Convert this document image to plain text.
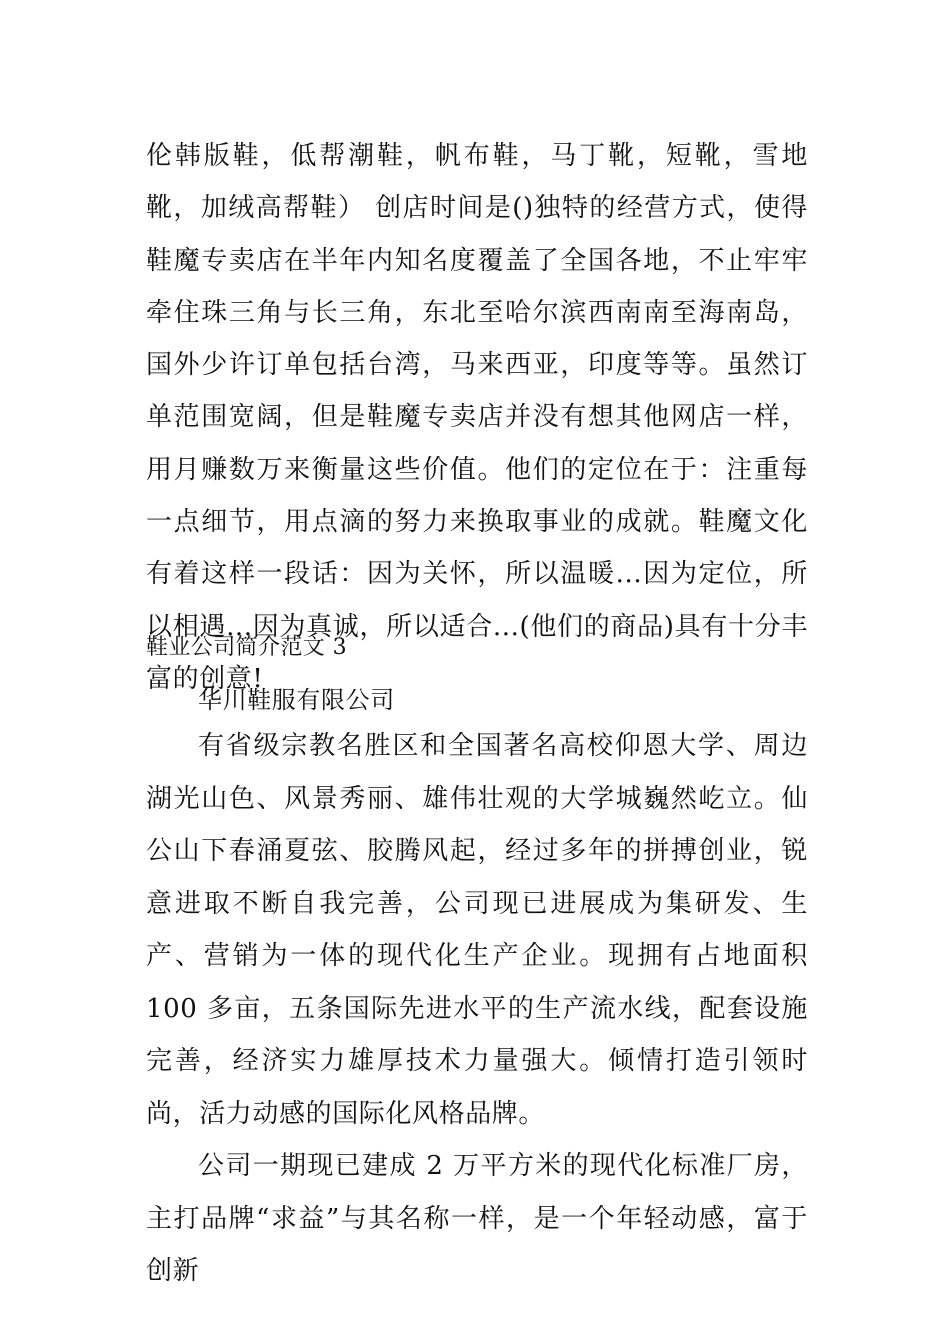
伦韩版鞋，低帮潮鞋，帆布鞋，马丁靴，短靴，雪地靴，加绒高帮鞋） 创店时间是()独特的经营方式，使得鞋魔专卖店在半年内知名度覆盖了全国各地，不止牢牢牵住珠三角与长三角，东北至哈尔滨西南南至海南岛，国外少许订单包括台湾，马来西亚，印度等等。虽然订单范围宽阔，但是鞋魔专卖店并没有想其他网店一样，用月赚数万来衡量这些价值。他们的定位在于：注重每一点细节，用点滴的努力来换取事业的成就。鞋魔文化有着这样一段话：因为关怀，所以温暖...因为定位，所以相遇...因为真诚，所以适合...(他们的商品)具有十分丰富的创意!
鞋业公司简介范文 3
华川鞋服有限公司
有省级宗教名胜区和全国著名高校仰恩大学、周边湖光山色、风景秀丽、雄伟壮观的大学城巍然屹立。仙公山下春涌夏弦、胶腾风起，经过多年的拼搏创业，锐意进取不断自我完善，公司现已进展成为集研发、生产、营销为一体的现代化生产企业。现拥有占地面积 100 多亩，五条国际先进水平的生产流水线，配套设施完善，经济实力雄厚技术力量强大。倾情打造引领时尚，活力动感的国际化风格品牌。
公司一期现已建成 2 万平方米的现代化标准厂房，主打品牌“求益”与其名称一样，是一个年轻动感，富于创新
